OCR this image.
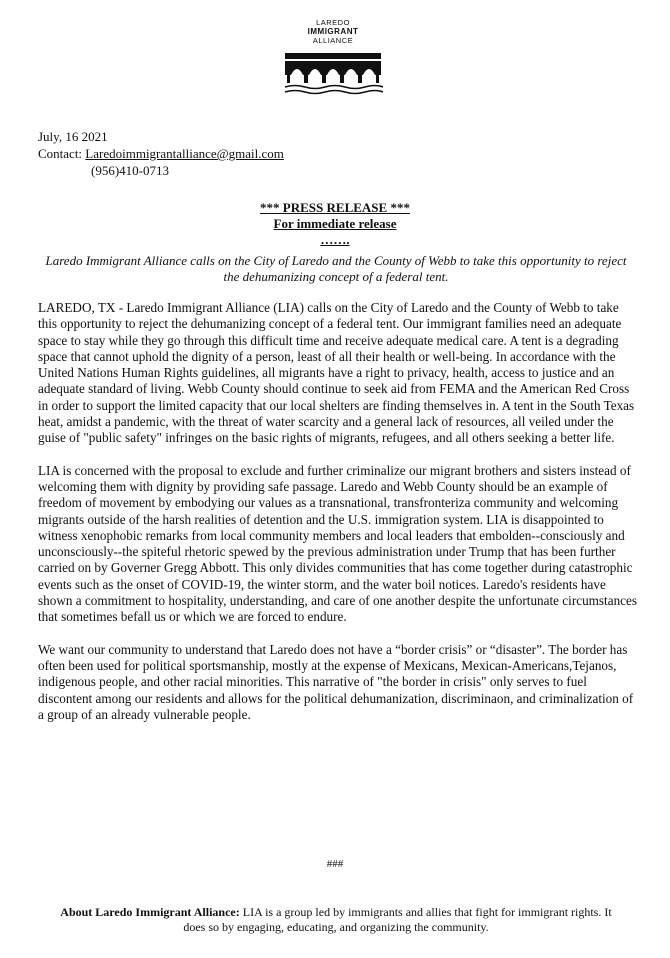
LAREDO
IMMIGRANT
ALLIANCE
July, 16 2021
Contact: Laredoimmigrantalliance@gmail.com
(956)410-0713
*** PRESS RELEASE ***
For immediate release
…….
Laredo Immigrant Alliance calls on the City of Laredo and the County of Webb to take this opportunity to reject the dehumanizing concept of a federal tent.

LAREDO, TX - Laredo Immigrant Alliance (LIA) calls on the City of Laredo and the County of Webb to take this opportunity to reject the dehumanizing concept of a federal tent. Our immigrant families need an adequate space to stay while they go through this difficult time and receive adequate medical care. A tent is a degrading space that cannot uphold the dignity of a person, least of all their health or well-being. In accordance with the United Nations Human Rights guidelines, all migrants have a right to privacy, health, access to justice and an adequate standard of living. Webb County should continue to seek aid from FEMA and the American Red Cross in order to support the limited capacity that our local shelters are finding themselves in. A tent in the South Texas heat, amidst a pandemic, with the threat of water scarcity and a general lack of resources, all veiled under the guise of "public safety" infringes on the basic rights of migrants, refugees, and all others seeking a better life.

LIA is concerned with the proposal to exclude and further criminalize our migrant brothers and sisters instead of welcoming them with dignity by providing safe passage. Laredo and Webb County should be an example of freedom of movement by embodying our values as a transnational, transfronteriza community and welcoming migrants outside of the harsh realities of detention and the U.S. immigration system. LIA is disappointed to witness xenophobic remarks from local community members and local leaders that embolden--consciously and unconsciously--the spiteful rhetoric spewed by the previous administration under Trump that has been further carried on by Governer Gregg Abbott. This only divides communities that has come together during catastrophic events such as the onset of COVID-19, the winter storm, and the water boil notices. Laredo's residents have shown a commitment to hospitality, understanding, and care of one another despite the unfortunate circumstances that sometimes befall us or which we are forced to endure.

We want our community to understand that Laredo does not have a “border crisis” or “disaster”. The border has often been used for political sportsmanship, mostly at the expense of Mexicans, Mexican-Americans,Tejanos, indigenous people, and other racial minorities. This narrative of "the border in crisis" only serves to fuel discontent among our residents and allows for the political dehumanization, discriminaon, and criminalization of a group of an already vulnerable people.

###
About Laredo Immigrant Alliance: LIA is a group led by immigrants and allies that fight for immigrant rights. It does so by engaging, educating, and organizing the community.
